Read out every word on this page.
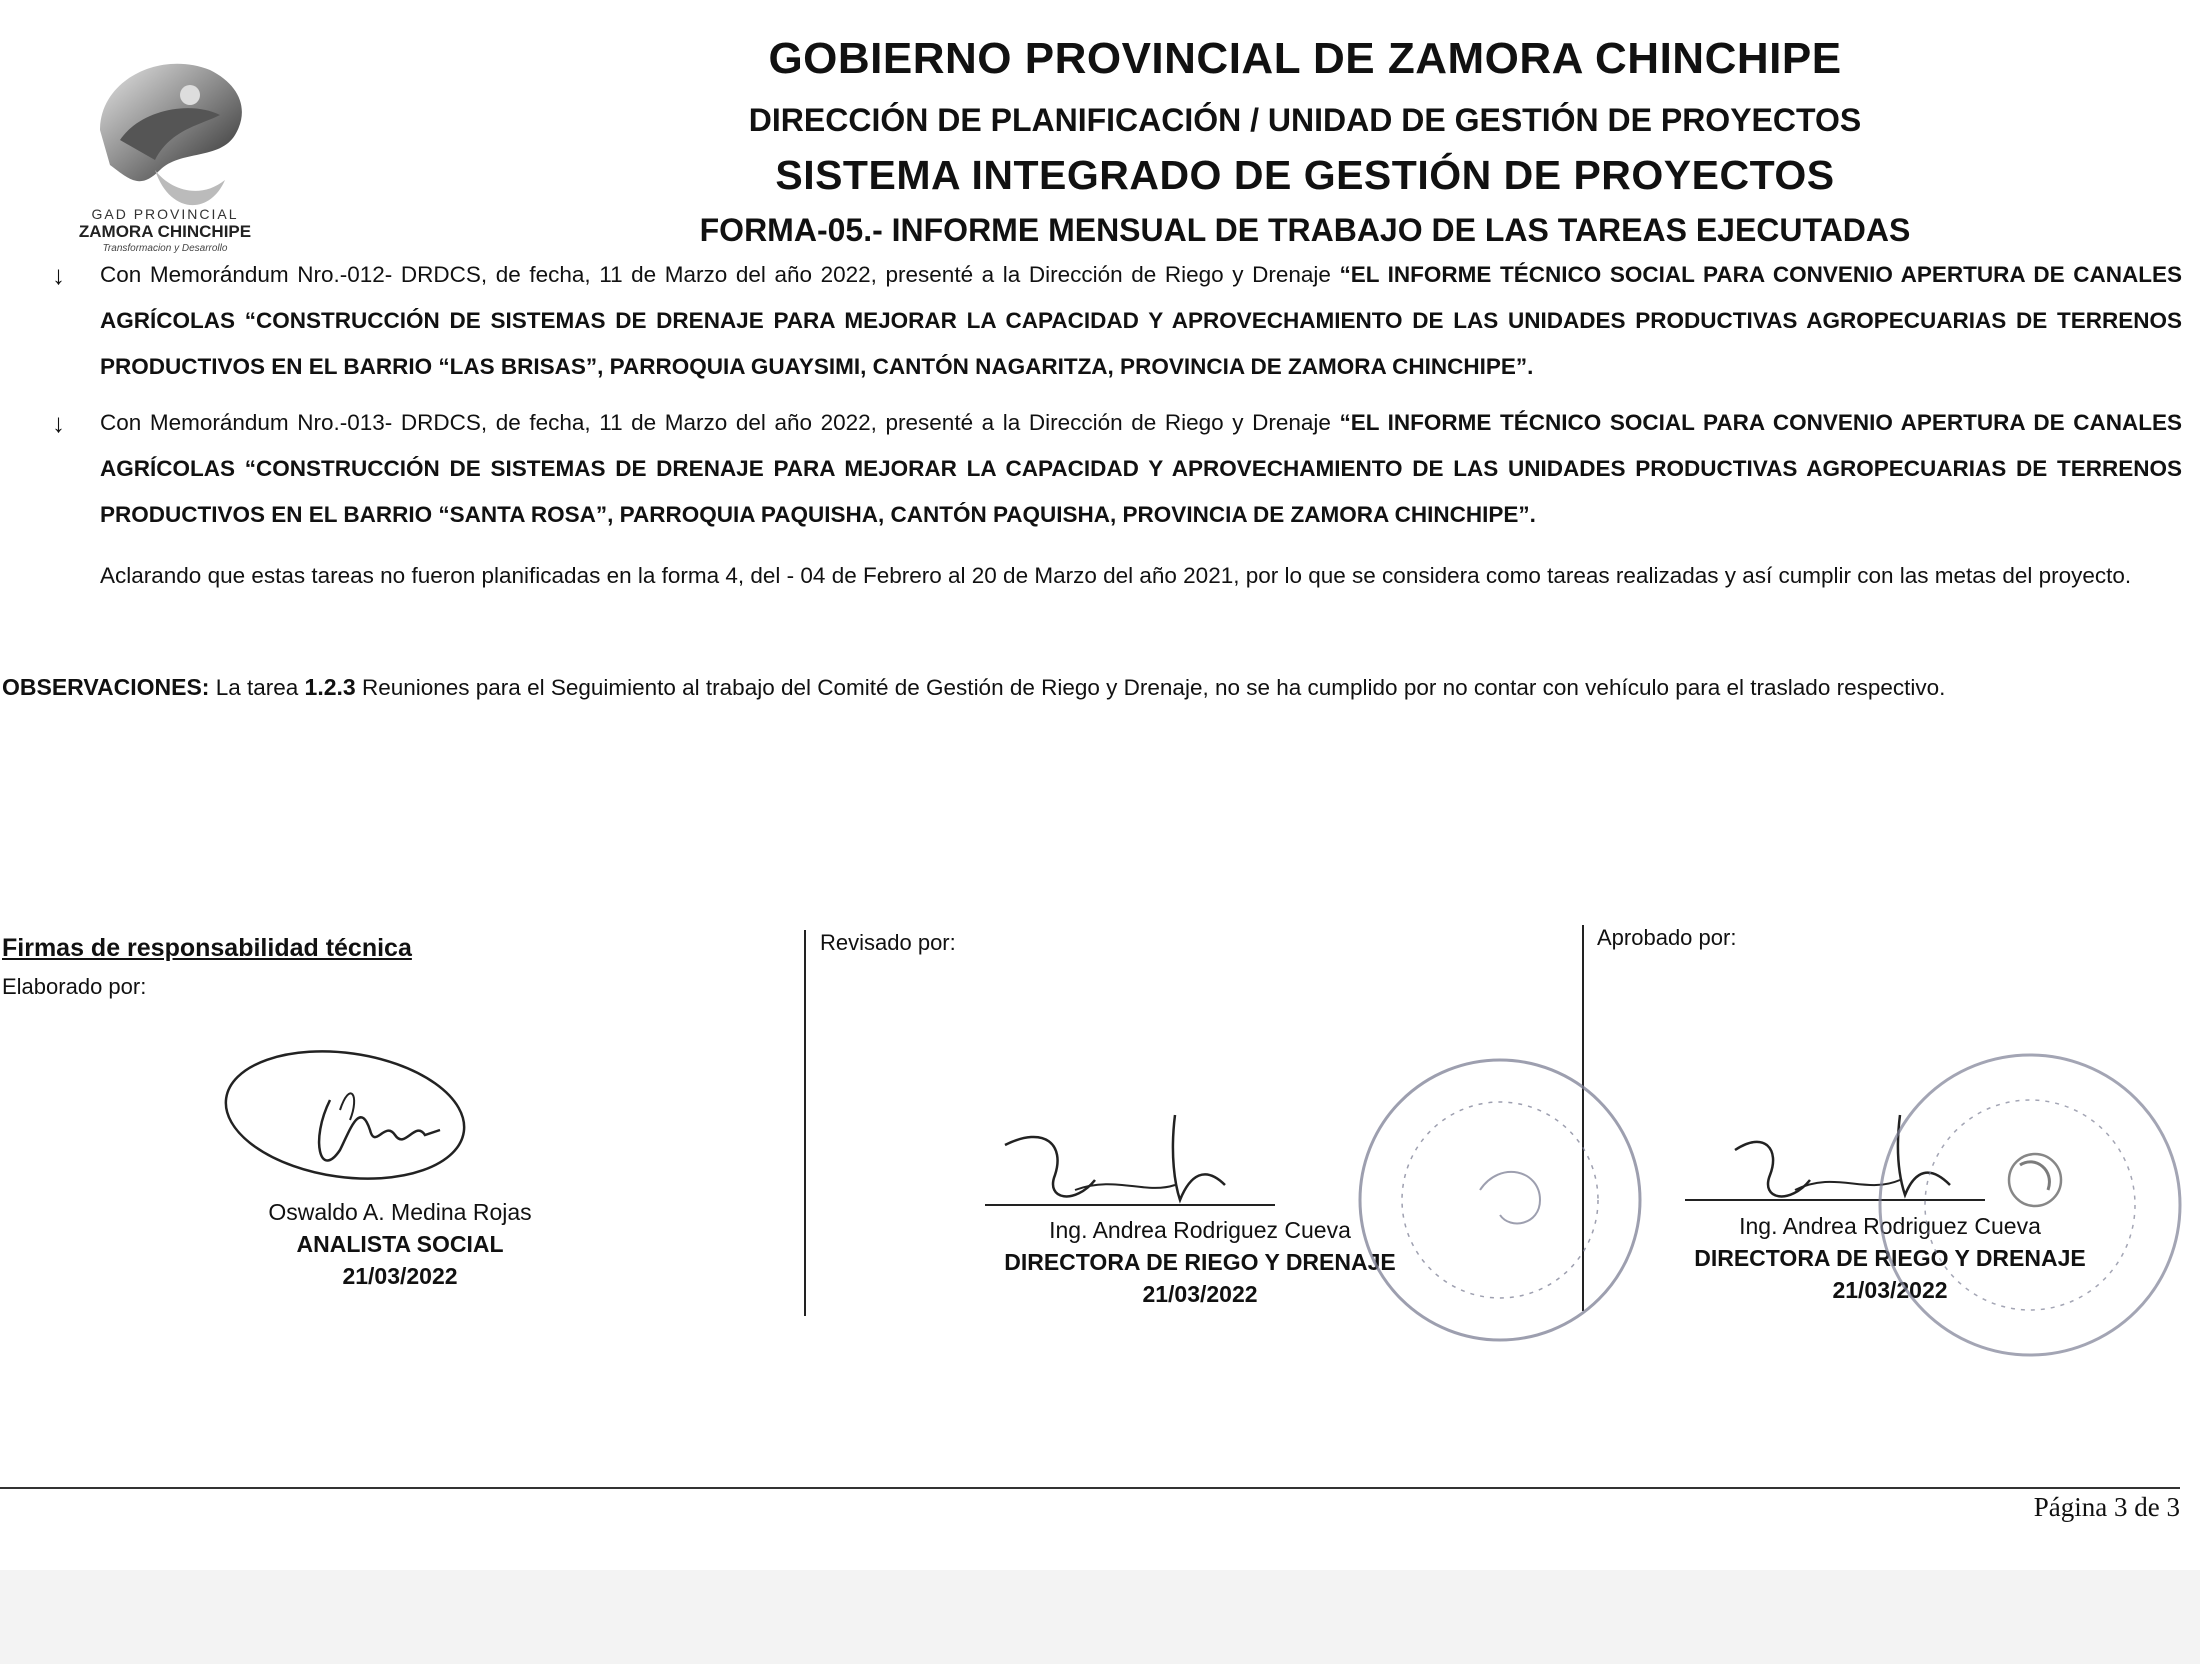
GAD PROVINCIAL
ZAMORA CHINCHIPE
Transformacion y Desarrollo
GOBIERNO PROVINCIAL DE ZAMORA CHINCHIPE
DIRECCIÓN DE PLANIFICACIÓN / UNIDAD DE GESTIÓN DE PROYECTOS
SISTEMA INTEGRADO DE GESTIÓN DE PROYECTOS
FORMA-05.- INFORME MENSUAL DE TRABAJO DE LAS TAREAS EJECUTADAS
↓ Con Memorándum Nro.-012- DRDCS, de fecha, 11 de Marzo del año 2022, presenté a la Dirección de Riego y Drenaje “EL INFORME TÉCNICO SOCIAL PARA CONVENIO APERTURA DE CANALES AGRÍCOLAS “CONSTRUCCIÓN DE SISTEMAS DE DRENAJE PARA MEJORAR LA CAPACIDAD Y APROVECHAMIENTO DE LAS UNIDADES PRODUCTIVAS AGROPECUARIAS DE TERRENOS PRODUCTIVOS EN EL BARRIO “LAS BRISAS”, PARROQUIA GUAYSIMI, CANTÓN NAGARITZA, PROVINCIA DE ZAMORA CHINCHIPE”.
↓ Con Memorándum Nro.-013- DRDCS, de fecha, 11 de Marzo del año 2022, presenté a la Dirección de Riego y Drenaje “EL INFORME TÉCNICO SOCIAL PARA CONVENIO APERTURA DE CANALES AGRÍCOLAS “CONSTRUCCIÓN DE SISTEMAS DE DRENAJE PARA MEJORAR LA CAPACIDAD Y APROVECHAMIENTO DE LAS UNIDADES PRODUCTIVAS AGROPECUARIAS DE TERRENOS PRODUCTIVOS EN EL BARRIO “SANTA ROSA”, PARROQUIA PAQUISHA, CANTÓN PAQUISHA, PROVINCIA DE ZAMORA CHINCHIPE”.
Aclarando que estas tareas no fueron planificadas en la forma 4, del - 04 de Febrero al 20 de Marzo del año 2021, por lo que se considera como tareas realizadas y así cumplir con las metas del proyecto.
OBSERVACIONES: La tarea 1.2.3 Reuniones para el Seguimiento al trabajo del Comité de Gestión de Riego y Drenaje, no se ha cumplido por no contar con vehículo para el traslado respectivo.
Firmas de responsabilidad técnica
Elaborado por:
Revisado por:	Aprobado por:
Oswaldo A. Medina Rojas
ANALISTA SOCIAL
21/03/2022
Ing. Andrea Rodriguez Cueva
DIRECTORA DE RIEGO Y DRENAJE
21/03/2022
Ing. Andrea Rodriguez Cueva
DIRECTORA DE RIEGO Y DRENAJE
21/03/2022
Página 3 de 3
